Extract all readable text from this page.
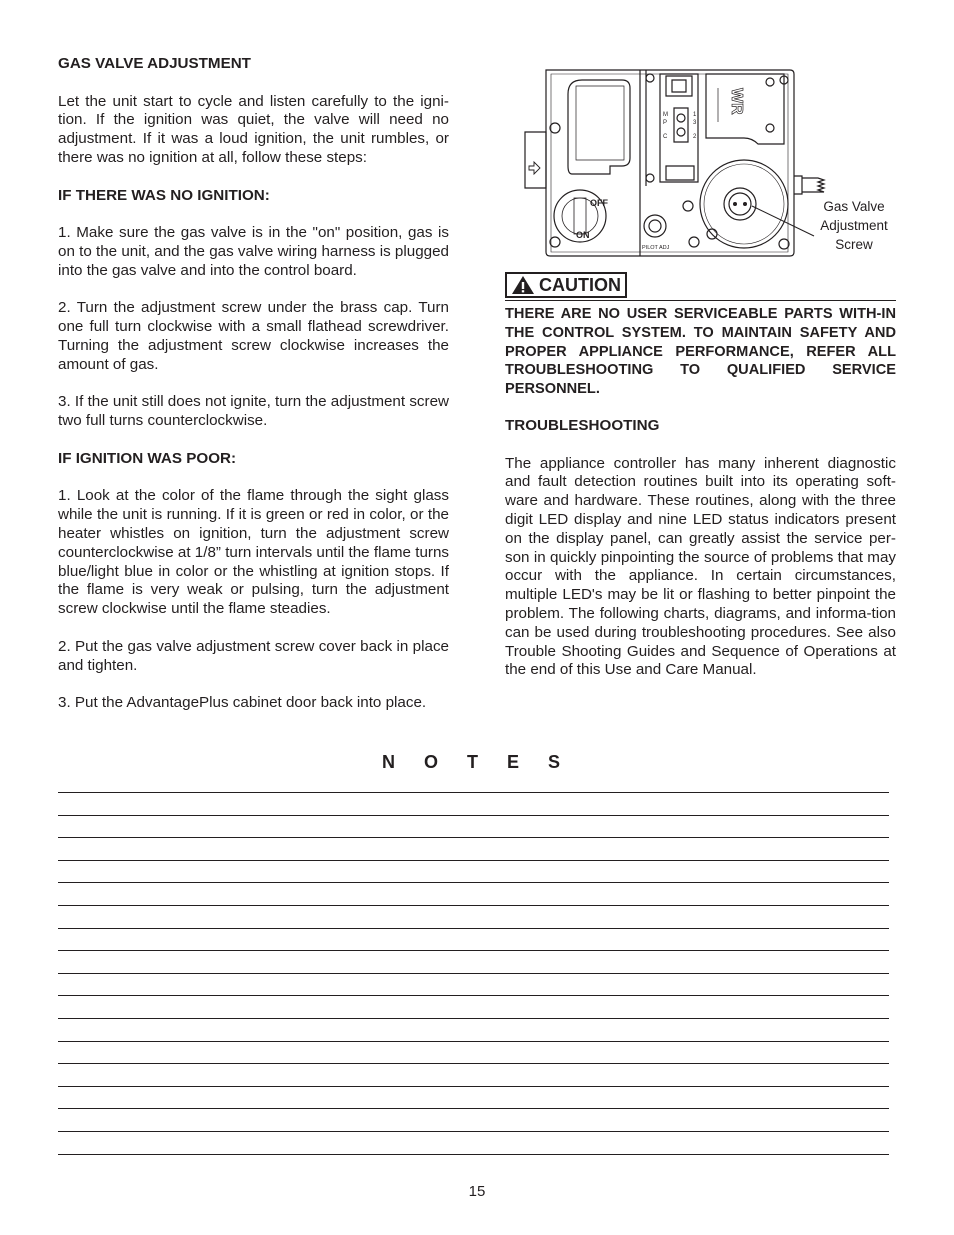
GAS VALVE ADJUSTMENT

Let the unit start to cycle and listen carefully to the igni-tion. If the ignition was quiet, the valve will need no adjustment. If it was a loud ignition, the unit rumbles, or there was no ignition at all, follow these steps:

IF THERE WAS NO IGNITION:

1. Make sure the gas valve is in the "on" position, gas is on to the unit, and the gas valve wiring harness is plugged into the gas valve and into the control board.

2. Turn the adjustment screw under the brass cap. Turn one full turn clockwise with a small flathead screwdriver. Turning the adjustment screw clockwise increases the amount of gas.

3. If the unit still does not ignite, turn the adjustment screw two full turns counterclockwise.

IF IGNITION WAS POOR:

1. Look at the color of the flame through the sight glass while the unit is running. If it is green or red in color, or the heater whistles on ignition, turn the adjustment screw counterclockwise at 1/8” turn intervals until the flame turns blue/light blue in color or the whistling at ignition stops. If the flame is very weak or pulsing, turn the adjustment screw clockwise until the flame steadies.

2. Put the gas valve adjustment screw cover back in place and tighten.

3. Put the AdvantagePlus cabinet door back into place.

OFF
ON
PILOT ADJ
WR
M
P
C
1
3
2
Gas Valve
Adjustment
Screw
CAUTION
THERE ARE NO USER SERVICEABLE PARTS WITH-IN THE CONTROL SYSTEM. TO MAINTAIN SAFETY AND PROPER APPLIANCE PERFORMANCE, REFER ALL TROUBLESHOOTING TO QUALIFIED SERVICE PERSONNEL.

TROUBLESHOOTING

The appliance controller has many inherent diagnostic and fault detection routines built into its operating soft-ware and hardware. These routines, along with the three digit LED display and nine LED status indicators present on the display panel, can greatly assist the service per-son in quickly pinpointing the source of problems that may occur with the appliance. In certain circumstances, multiple LED's may be lit or flashing to better pinpoint the problem. The following charts, diagrams, and informa-tion can be used during troubleshooting procedures. See also Trouble Shooting Guides and Sequence of Operations at the end of this Use and Care Manual.

N O T E S
15
